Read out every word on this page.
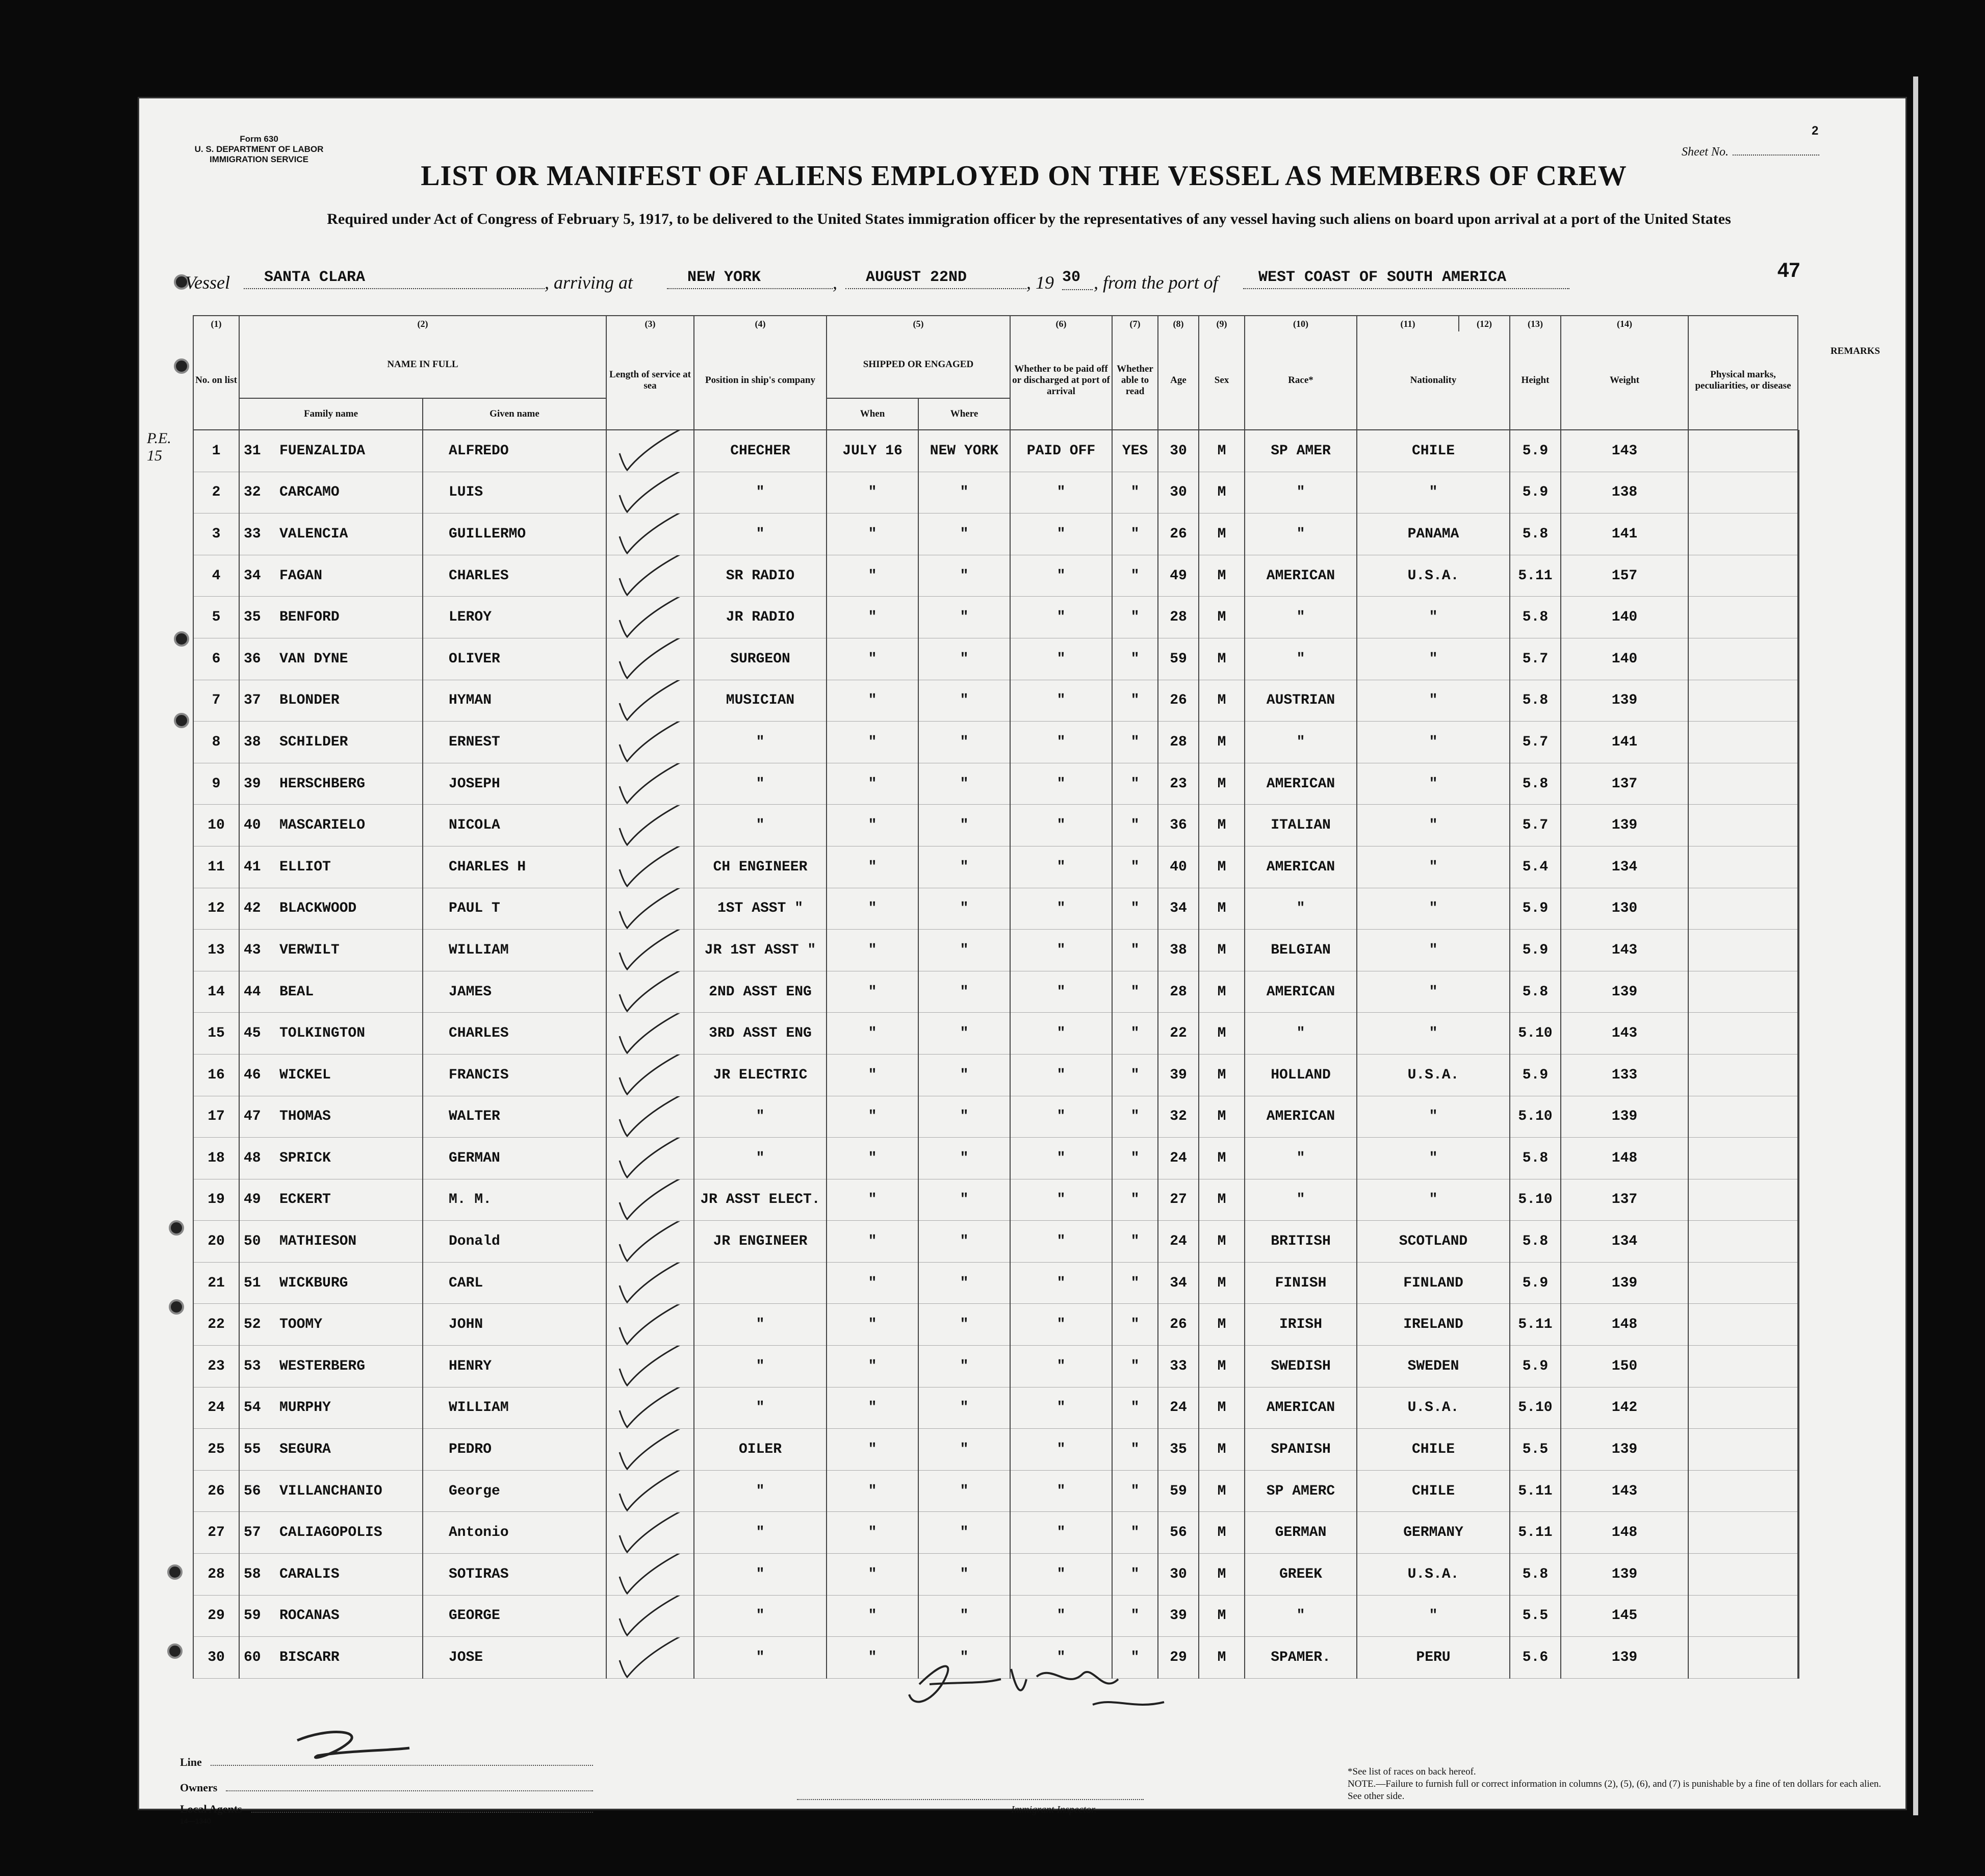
Form 630
U. S. DEPARTMENT OF LABOR
IMMIGRATION SERVICE
2
Sheet No.
LIST OR MANIFEST OF ALIENS EMPLOYED ON THE VESSEL AS MEMBERS OF CREW
Required under Act of Congress of February 5, 1917, to be delivered to the United States immigration officer by the representatives of any vessel having such aliens on board upon arrival at a port of the United States
Vessel	SANTA CLARA	, arriving at	NEW YORK	,	AUGUST 22ND	, 19 30 , from the port of	WEST COAST OF SOUTH AMERICA	47
P.E. 15
(1)	(2)		(3)	(4)	(5)		(6)	(7)	(8)	(9)	(10)	(11)	(12)	(13)	(14)		
No. on list	NAME IN FULL		Length of service at sea	Position in ship's company	SHIPPED OR ENGAGED		Whether to be paid off or discharged at port of arrival	Whether able to read	Age	Sex	Race*	Nationality		Height	Weight	Physical marks, peculiarities, or disease	
	Family name	Given name			When	Where											
1	31 FUENZALIDA	ALFREDO		CHECHER	JULY 16	NEW YORK	PAID OFF	YES	30	M	SP AMER	CHILE		5.9	143		
2	32 CARCAMO	LUIS		"	"	"	"	"	30	M	"	"		5.9	138		
3	33 VALENCIA	GUILLERMO		"	"	"	"	"	26	M	"	PANAMA		5.8	141		
4	34 FAGAN	CHARLES		SR RADIO	"	"	"	"	49	M	AMERICAN	U.S.A.		5.11	157		
5	35 BENFORD	LEROY		JR RADIO	"	"	"	"	28	M	"	"		5.8	140		
6	36 VAN DYNE	OLIVER		SURGEON	"	"	"	"	59	M	"	"		5.7	140		
7	37 BLONDER	HYMAN		MUSICIAN	"	"	"	"	26	M	AUSTRIAN	"		5.8	139		
8	38 SCHILDER	ERNEST		"	"	"	"	"	28	M	"	"		5.7	141		
9	39 HERSCHBERG	JOSEPH		"	"	"	"	"	23	M	AMERICAN	"		5.8	137		
10	40 MASCARIELO	NICOLA		"	"	"	"	"	36	M	ITALIAN	"		5.7	139		
11	41 ELLIOT	CHARLES H		CH ENGINEER	"	"	"	"	40	M	AMERICAN	"		5.4	134		
12	42 BLACKWOOD	PAUL T		1ST ASST "	"	"	"	"	34	M	"	"		5.9	130		
13	43 VERWILT	WILLIAM		JR 1ST ASST "	"	"	"	"	38	M	BELGIAN	"		5.9	143		
14	44 BEAL	JAMES		2ND ASST ENG	"	"	"	"	28	M	AMERICAN	"		5.8	139		
15	45 TOLKINGTON	CHARLES		3RD ASST ENG	"	"	"	"	22	M	"	"		5.10	143		
16	46 WICKEL	FRANCIS		JR ELECTRIC	"	"	"	"	39	M	HOLLAND	U.S.A.		5.9	133		
17	47 THOMAS	WALTER		"	"	"	"	"	32	M	AMERICAN	"		5.10	139		
18	48 SPRICK	GERMAN		"	"	"	"	"	24	M	"	"		5.8	148		
19	49 ECKERT	M. M.		JR ASST ELECT.	"	"	"	"	27	M	"	"		5.10	137		
20	50 MATHIESON	Donald		JR ENGINEER	"	"	"	"	24	M	BRITISH	SCOTLAND		5.8	134		
21	51 WICKBURG	CARL			"	"	"	"	34	M	FINISH	FINLAND		5.9	139		
22	52 TOOMY	JOHN		"	"	"	"	"	26	M	IRISH	IRELAND		5.11	148		
23	53 WESTERBERG	HENRY		"	"	"	"	"	33	M	SWEDISH	SWEDEN		5.9	150		
24	54 MURPHY	WILLIAM		"	"	"	"	"	24	M	AMERICAN	U.S.A.		5.10	142		
25	55 SEGURA	PEDRO		OILER	"	"	"	"	35	M	SPANISH	CHILE		5.5	139		
26	56 VILLANCHANIO	George		"	"	"	"	"	59	M	SP AMERC	CHILE		5.11	143		
27	57 CALIAGOPOLIS	Antonio		"	"	"	"	"	56	M	GERMAN	GERMANY		5.11	148		
28	58 CARALIS	SOTIRAS		"	"	"	"	"	30	M	GREEK	U.S.A.		5.8	139		
29	59 ROCANAS	GEORGE		"	"	"	"	"	39	M	"	"		5.5	145		
30	60 BISCARR	JOSE		"	"	"	"	"	29	M	SPAMER.	PERU		5.6	139		
REMARKS
Line
Owners
Local Agents
14—1340
Immigrant Inspector.
*See list of races on back hereof.
NOTE.—Failure to furnish full or correct information in columns (2), (5), (6), and (7) is punishable by a fine of ten dollars for each alien. See other side.
